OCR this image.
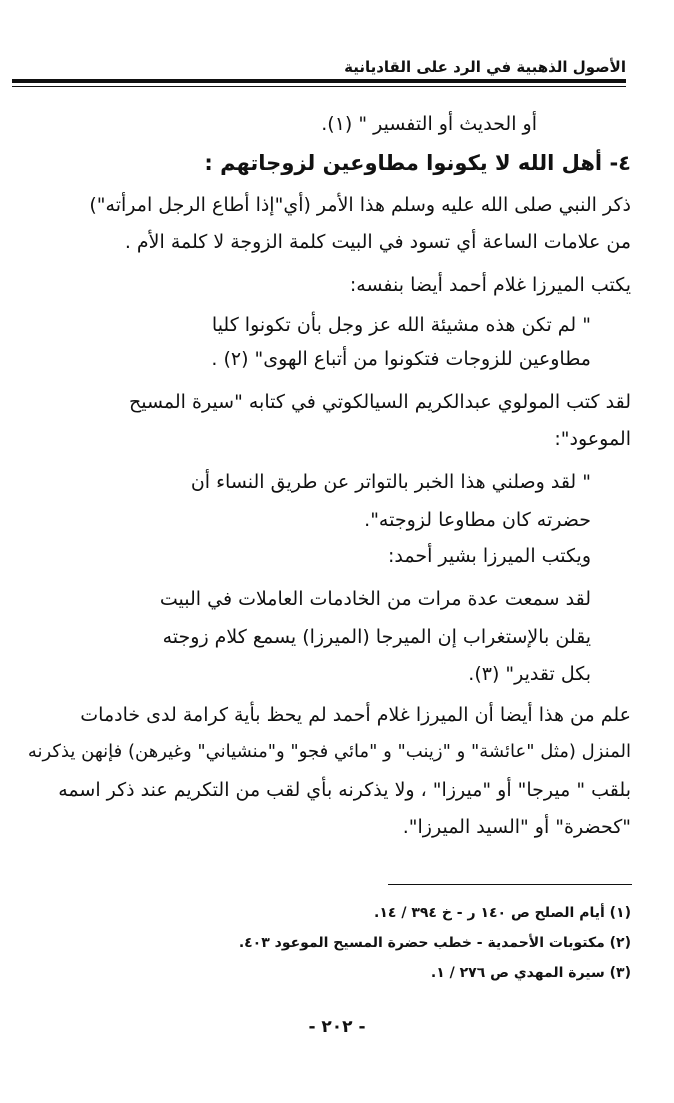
الأصول الذهبية في الرد على القاديانية
أو الحديث أو التفسير " (١).
٤- أهل الله لا يكونوا مطاوعين لزوجاتهم :
ذكر النبي صلى الله عليه وسلم هذا الأمر (أي"إذا أطاع الرجل امرأته")
من علامات الساعة أي تسود في البيت كلمة الزوجة لا كلمة الأم .
يكتب الميرزا غلام أحمد أيضا بنفسه:
" لم تكن هذه مشيئة الله عز وجل بأن تكونوا كليا
مطاوعين للزوجات فتكونوا من أتباع الهوى" (٢) .
لقد كتب المولوي عبدالكريم السيالكوتي في كتابه "سيرة المسيح
الموعود":
" لقد وصلني هذا الخبر بالتواتر عن طريق النساء أن
حضرته كان مطاوعا لزوجته".
ويكتب الميرزا بشير أحمد:
لقد سمعت عدة مرات من الخادمات العاملات في البيت
يقلن بالإستغراب إن الميرجا (الميرزا) يسمع كلام زوجته
بكل تقدير" (٣).
علم من هذا أيضا أن الميرزا غلام أحمد لم يحظ بأية كرامة لدى خادمات
المنزل (مثل "عائشة" و "زينب" و "مائي فجو" و"منشياني" وغيرهن) فإنهن يذكرنه
بلقب " ميرجا" أو "ميرزا" ، ولا يذكرنه بأي لقب من التكريم عند ذكر اسمه
"كحضرة" أو "السيد الميرزا".
(١) أيام الصلح ص ١٤٠ ر - خ ٣٩٤ / ١٤.
(٢) مكتوبات الأحمدية - خطب حضرة المسيح الموعود ٤٠٣.
(٣) سيرة المهدي ص ٢٧٦ / ١.
- ٢٠٢ -
